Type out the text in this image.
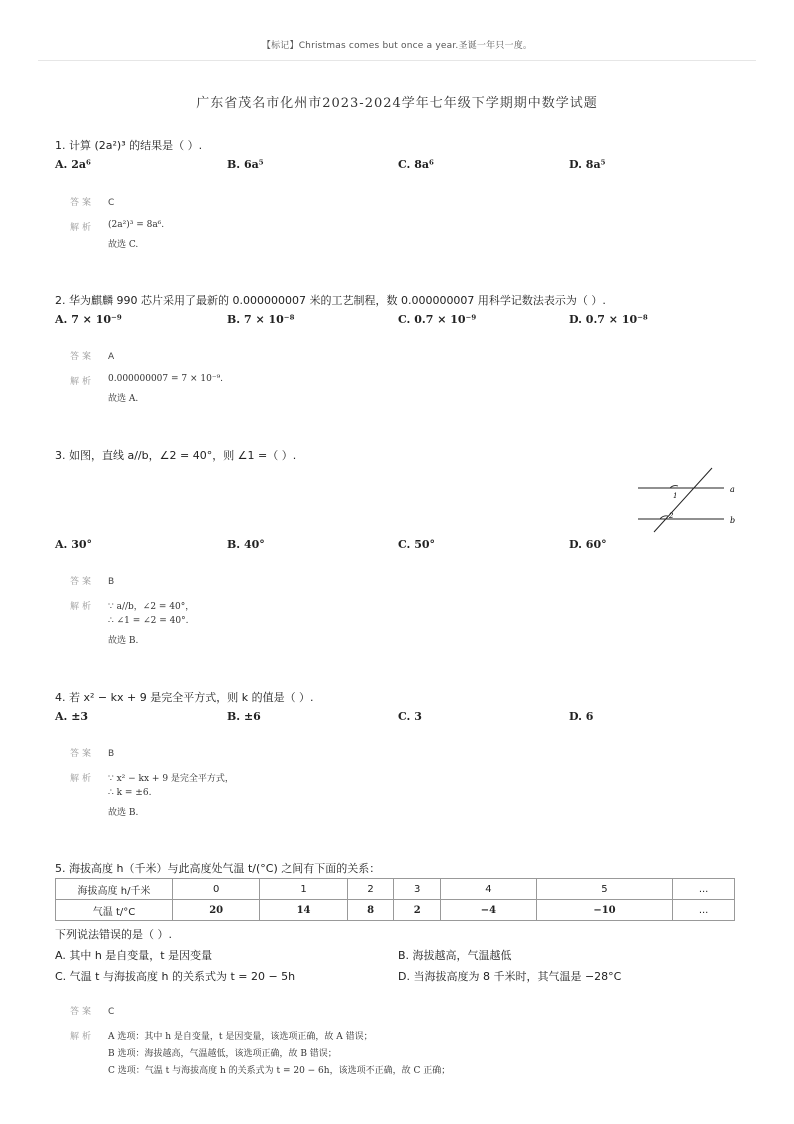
【标记】Christmas comes but once a year.圣诞一年只一度。
广东省茂名市化州市2023-2024学年七年级下学期期中数学试题
1. 计算 (2a²)³ 的结果是（ ）.
A. 2a⁶	B. 6a⁵	C. 8a⁶	D. 8a⁵
答案 C
解析 (2a²)³ = 8a⁶.
故选 C.
2. 华为麒麟 990 芯片采用了最新的 0.000000007 米的工艺制程，数 0.000000007 用科学记数法表示为（ ）.
A. 7 × 10⁻⁹	B. 7 × 10⁻⁸	C. 0.7 × 10⁻⁹	D. 0.7 × 10⁻⁸
答案 A
解析 0.000000007 = 7 × 10⁻⁹.
故选 A.
3. 如图，直线 a//b，∠2 = 40°，则 ∠1 =（ ）.
1
2
a
b
A. 30°	B. 40°	C. 50°	D. 60°
答案 B
解析 ∵ a//b，∠2 = 40°，
∴ ∠1 = ∠2 = 40°.
故选 B.
4. 若 x² − kx + 9 是完全平方式，则 k 的值是（ ）.
A. ±3	B. ±6	C. 3	D. 6
答案 B
解析 ∵ x² − kx + 9 是完全平方式，
∴ k = ±6.
故选 B.
5. 海拔高度 h（千米）与此高度处气温 t/(°C) 之间有下面的关系：
海拔高度 h/千米	0	1	2	3	4	5	...
气温 t/°C	20	14	8	2	−4	−10	...
下列说法错误的是（ ）.
A. 其中 h 是自变量，t 是因变量	B. 海拔越高，气温越低
C. 气温 t 与海拔高度 h 的关系式为 t = 20 − 5h	D. 当海拔高度为 8 千米时，其气温是 −28°C
答案 C
解析 A 选项：其中 h 是自变量，t 是因变量，该选项正确，故 A 错误；
B 选项：海拔越高，气温越低，该选项正确，故 B 错误；
C 选项：气温 t 与海拔高度 h 的关系式为 t = 20 − 6h，该选项不正确，故 C 正确；
